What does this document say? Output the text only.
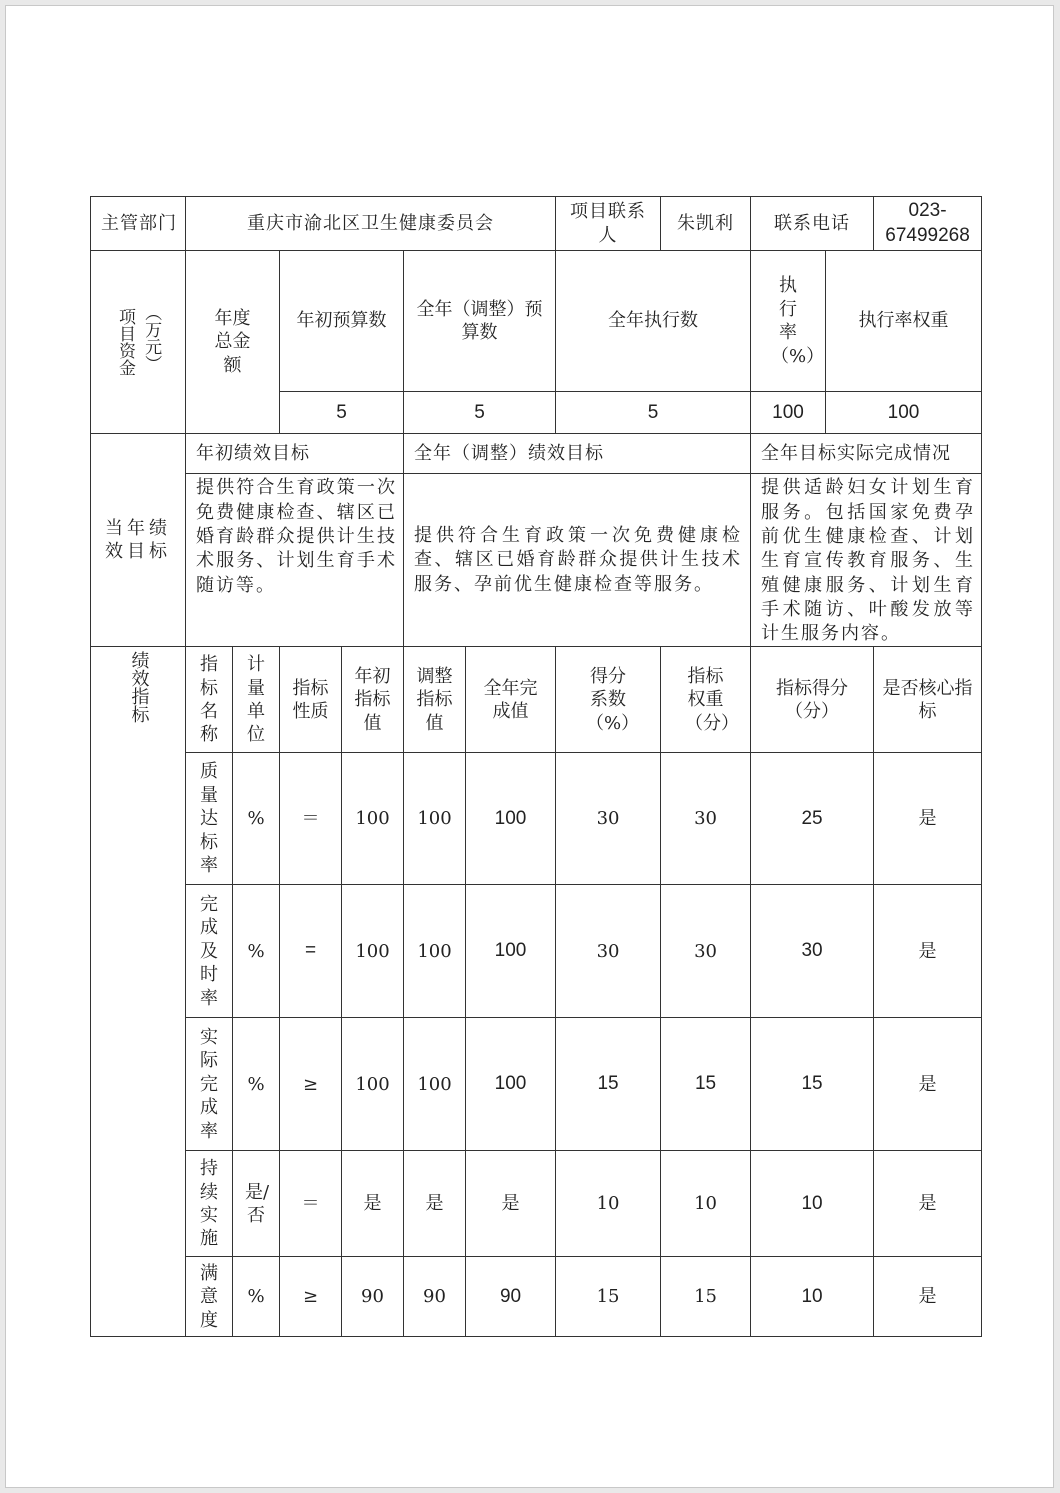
主管部门	重庆市渝北区卫生健康委员会						项目联系人	朱凯利	联系电话		023-67499268	

项目资金 （万元）	年度总金额		年初预算数		全年（调整）预算数		全年执行数		执行率（%）	执行率权重	
			5		5		5		100	100	
当年绩效目标	年初绩效目标				全年（调整）绩效目标				全年目标实际完成情况			
	提供符合生育政策一次免费健康检查、辖区已婚育龄群众提供计生技术服务、计划生育手术随访等。				提供符合生育政策一次免费健康检查、辖区已婚育龄群众提供计生技术服务、孕前优生健康检查等服务。				提供适龄妇女计划生育服务。包括国家免费孕前优生健康检查、计划生育宣传教育服务、生殖健康服务、计划生育手术随访、叶酸发放等计生服务内容。			
绩效指标	指标名称	计量单位	指标性质	年初指标值	调整指标值	全年完成值	得分系数（%）	指标权重（分）	指标得分（分）		是否核心指标	
	质量达标率	%	＝	100	100	100	30	30	25		是	
	完成及时率	%	=	100	100	100	30	30	30		是	
	实际完成率	%	≥	100	100	100	15	15	15		是	
	持续实施	是/否	＝	是	是	是	10	10	10		是	
	满意度	%	≥	90	90	90	15	15	10		是	
